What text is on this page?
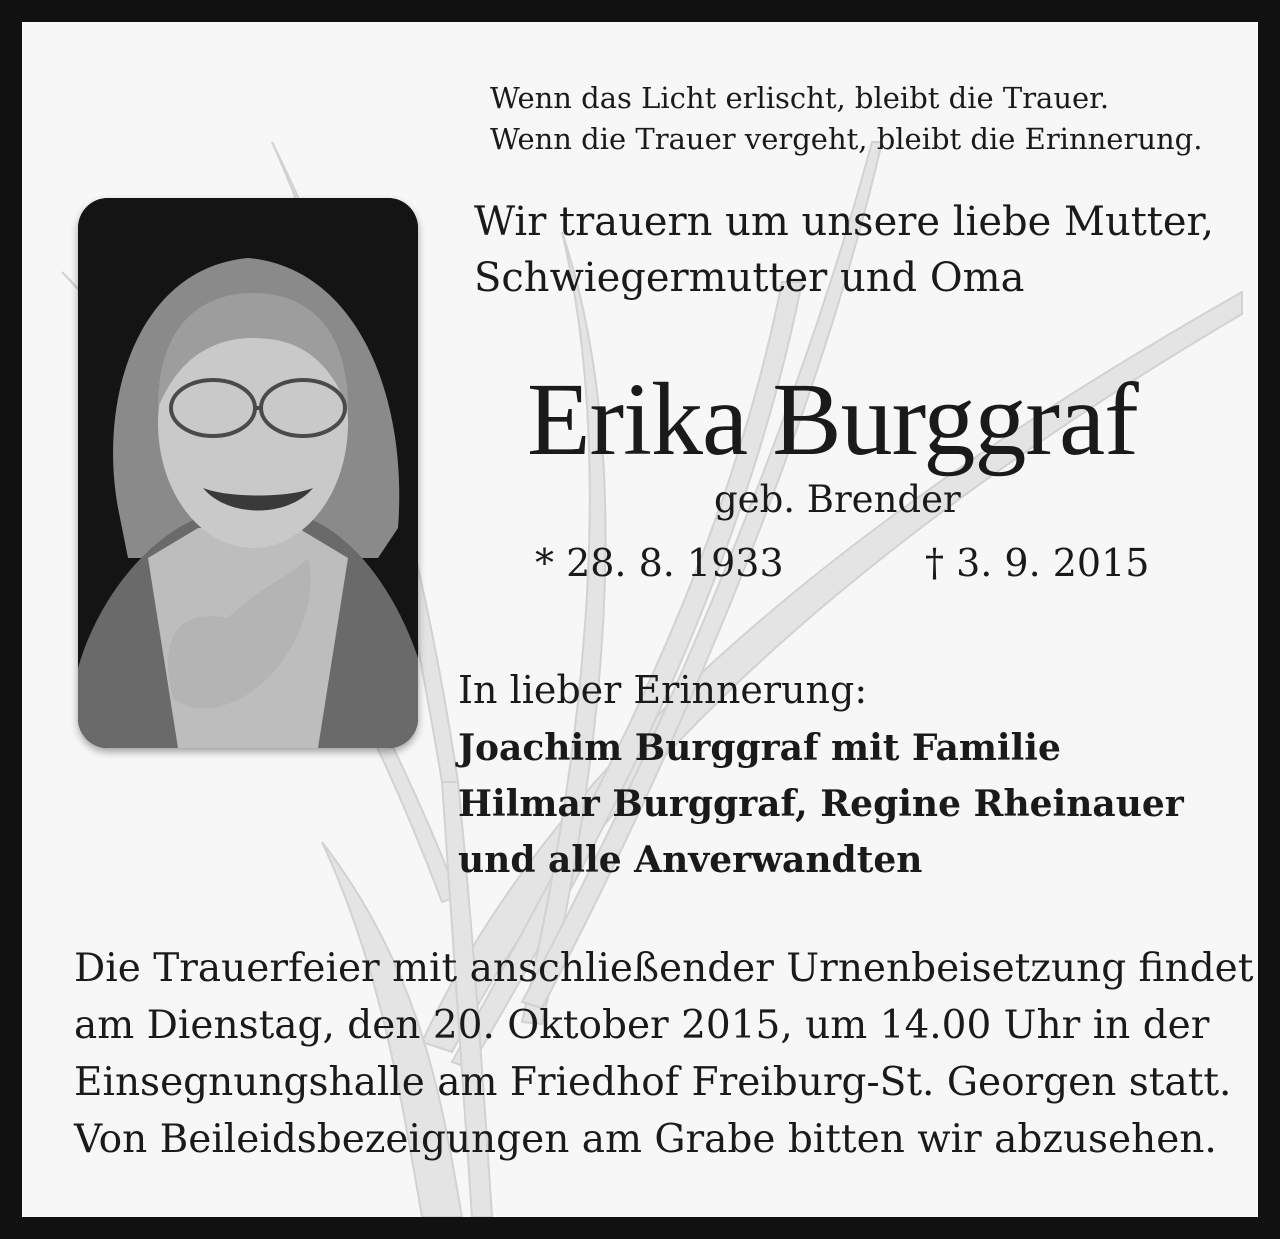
Wenn das Licht erlischt, bleibt die Trauer.
Wenn die Trauer vergeht, bleibt die Erinnerung.
Wir trauern um unsere liebe Mutter,
Schwiegermutter und Oma
Erika Burggraf
geb. Brender
* 28. 8. 1933	† 3. 9. 2015
In lieber Erinnerung:
Joachim Burggraf mit Familie
Hilmar Burggraf, Regine Rheinauer
und alle Anverwandten
Die Trauerfeier mit anschließender Urnenbeisetzung findet
am Dienstag, den 20. Oktober 2015, um 14.00 Uhr in der
Einsegnungshalle am Friedhof Freiburg-St. Georgen statt.
Von Beileidsbezeigungen am Grabe bitten wir abzusehen.
